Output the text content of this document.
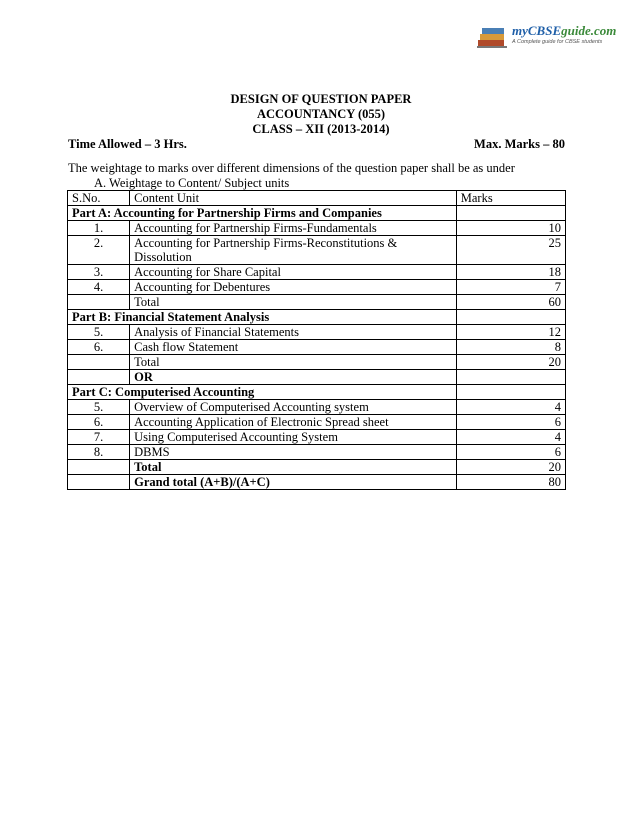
myCBSEguide.com
A Complete guide for CBSE students
DESIGN OF QUESTION PAPER
ACCOUNTANCY (055)
CLASS – XII (2013-2014)
Time Allowed – 3 Hrs.	Max. Marks – 80
The weightage to marks over different dimensions of the question paper shall be as under
A. Weightage to Content/ Subject units
S.No.	Content Unit	Marks
Part A: Accounting for Partnership Firms and Companies		
1.	Accounting for Partnership Firms-Fundamentals	10
2.	Accounting for Partnership Firms-Reconstitutions & Dissolution	25
3.	Accounting for Share Capital	18
4.	Accounting for Debentures	7
	Total	60
Part B: Financial Statement Analysis		
5.	Analysis of Financial Statements	12
6.	Cash flow Statement	8
	Total	20
	OR	
Part C: Computerised Accounting		
5.	Overview of Computerised Accounting system	4
6.	Accounting Application of Electronic Spread sheet	6
7.	Using Computerised Accounting System	4
8.	DBMS	6
	Total	20
	Grand total (A+B)/(A+C)	80
